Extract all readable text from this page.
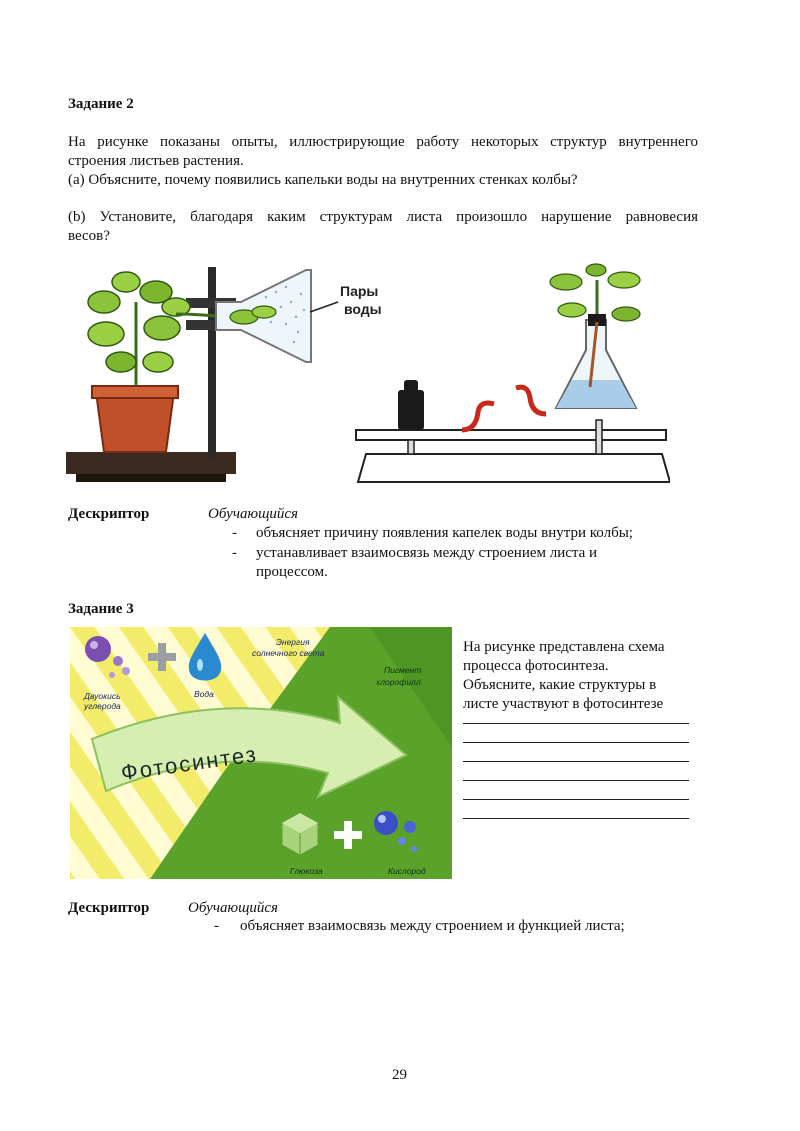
Задание 2
На рисунке показаны опыты, иллюстрирующие работу некоторых структур внутреннего
строения листьев растения.
(a) Объясните, почему появились капельки воды на внутренних стенках колбы?
(b) Установите, благодаря каким структурам листа произошло нарушение равновесия
весов?
Пары
воды
Дескриптор	Обучающийся
- объясняет причину появления капелек воды внутри колбы;
- устанавливает взаимосвязь между строением листа и
процессом.
Задание 3
Двуокись
углерода
Вода
Энергия
солнечного света
Пигмент
хлорофилл
Фотосинтез
Глюкоза	Кислород
На рисунке представлена схема
процесса фотосинтеза.
Объясните, какие структуры в
листе участвуют в фотосинтезе
Дескриптор	Обучающийся
- объясняет взаимосвязь между строением и функцией листа;
29
